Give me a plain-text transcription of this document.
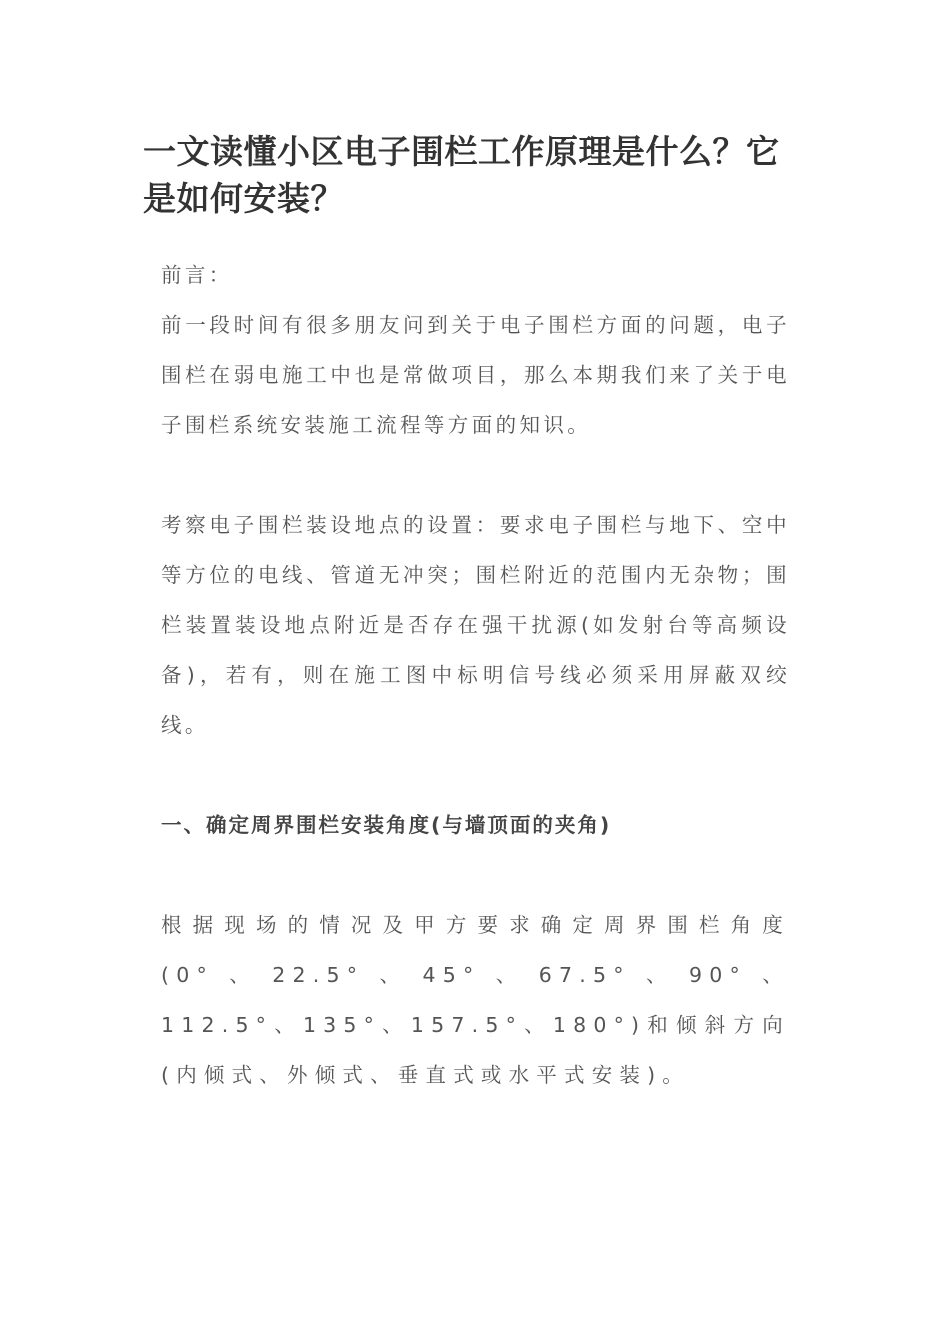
一文读懂小区电子围栏工作原理是什么？它是如何安装？

前言：

前一段时间有很多朋友问到关于电子围栏方面的问题，电子围栏在弱电施工中也是常做项目，那么本期我们来了关于电子围栏系统安装施工流程等方面的知识。

考察电子围栏装设地点的设置：要求电子围栏与地下、空中等方位的电线、管道无冲突；围栏附近的范围内无杂物；围栏装置装设地点附近是否存在强干扰源(如发射台等高频设备)，若有，则在施工图中标明信号线必须采用屏蔽双绞线。

一、确定周界围栏安装角度(与墙顶面的夹角)

根据现场的情况及甲方要求确定周界围栏角度(0°、22.5°、45°、67.5°、90°、112.5°、135°、157.5°、180°)和倾斜方向(内倾式、外倾式、垂直式或水平式安装)。
